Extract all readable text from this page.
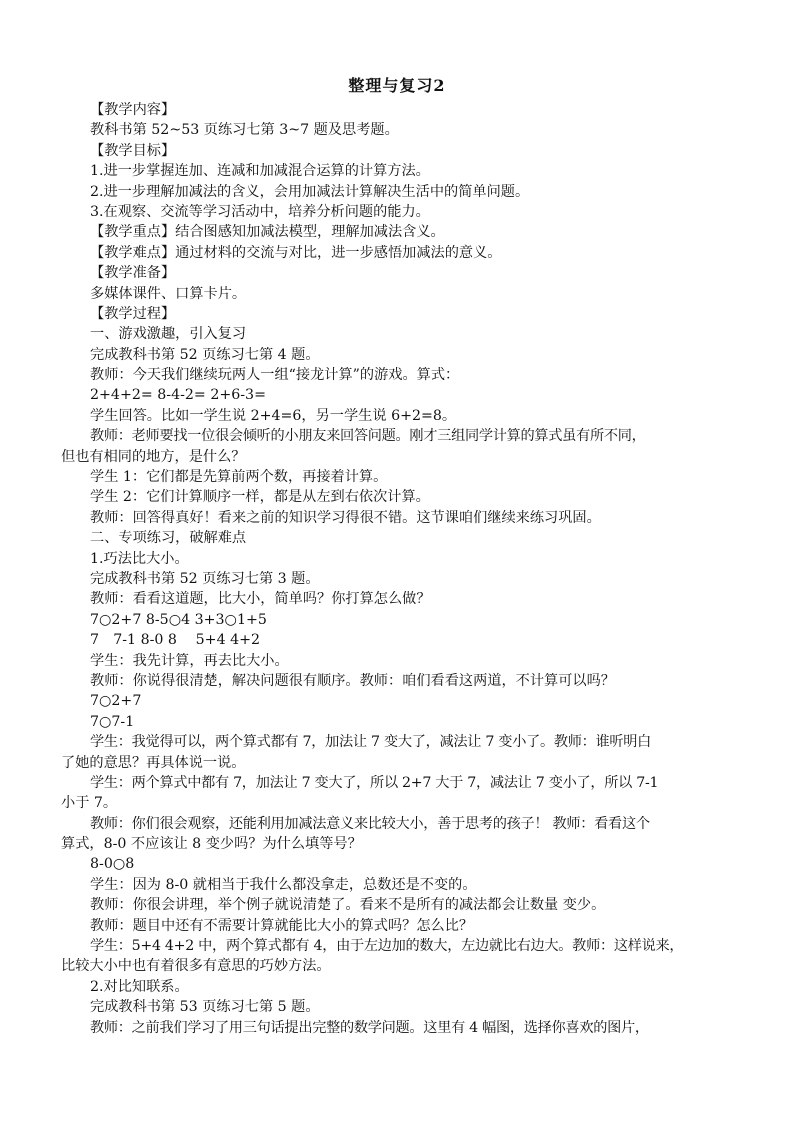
整理与复习2
【教学内容】
教科书第 52~53 页练习七第 3~7 题及思考题。
【教学目标】
1.进一步掌握连加、连减和加减混合运算的计算方法。
2.进一步理解加减法的含义，会用加减法计算解决生活中的简单问题。
3.在观察、交流等学习活动中，培养分析问题的能力。
【教学重点】结合图感知加减法模型，理解加减法含义。
【教学难点】通过材料的交流与对比，进一步感悟加减法的意义。
【教学准备】
多媒体课件、口算卡片。
【教学过程】
一、游戏激趣，引入复习
完成教科书第 52 页练习七第 4 题。
教师：今天我们继续玩两人一组“接龙计算”的游戏。算式：
2+4+2= 8-4-2= 2+6-3=
学生回答。比如一学生说 2+4=6，另一学生说 6+2=8。
教师：老师要找一位很会倾听的小朋友来回答问题。刚才三组同学计算的算式虽有所不同，
但也有相同的地方，是什么？
学生 1：它们都是先算前两个数，再接着计算。
学生 2：它们计算顺序一样，都是从左到右依次计算。
教师：回答得真好！看来之前的知识学习得很不错。这节课咱们继续来练习巩固。
二、专项练习，破解难点
1.巧法比大小。
完成教科书第 52 页练习七第 3 题。
教师：看看这道题，比大小，简单吗？你打算怎么做？
7○2+7 8-5○4 3+3○1+5
7　7-1 8-0 8　 5+4 4+2
学生：我先计算，再去比大小。
教师：你说得很清楚，解决问题很有顺序。教师：咱们看看这两道，不计算可以吗？
7○2+7
7○7-1
学生：我觉得可以，两个算式都有 7，加法让 7 变大了，减法让 7 变小了。教师：谁听明白
了她的意思？再具体说一说。
学生：两个算式中都有 7，加法让 7 变大了，所以 2+7 大于 7，减法让 7 变小了，所以 7-1
小于 7。
教师：你们很会观察，还能利用加减法意义来比较大小，善于思考的孩子！ 教师：看看这个
算式，8-0 不应该让 8 变少吗？为什么填等号？
8-0○8
学生：因为 8-0 就相当于我什么都没拿走，总数还是不变的。
教师：你很会讲理，举个例子就说清楚了。看来不是所有的减法都会让数量 变少。
教师：题目中还有不需要计算就能比大小的算式吗？怎么比？
学生：5+4 4+2 中，两个算式都有 4，由于左边加的数大，左边就比右边大。教师：这样说来，
比较大小中也有着很多有意思的巧妙方法。
2.对比知联系。
完成教科书第 53 页练习七第 5 题。
教师：之前我们学习了用三句话提出完整的数学问题。这里有 4 幅图，选择你喜欢的图片，
